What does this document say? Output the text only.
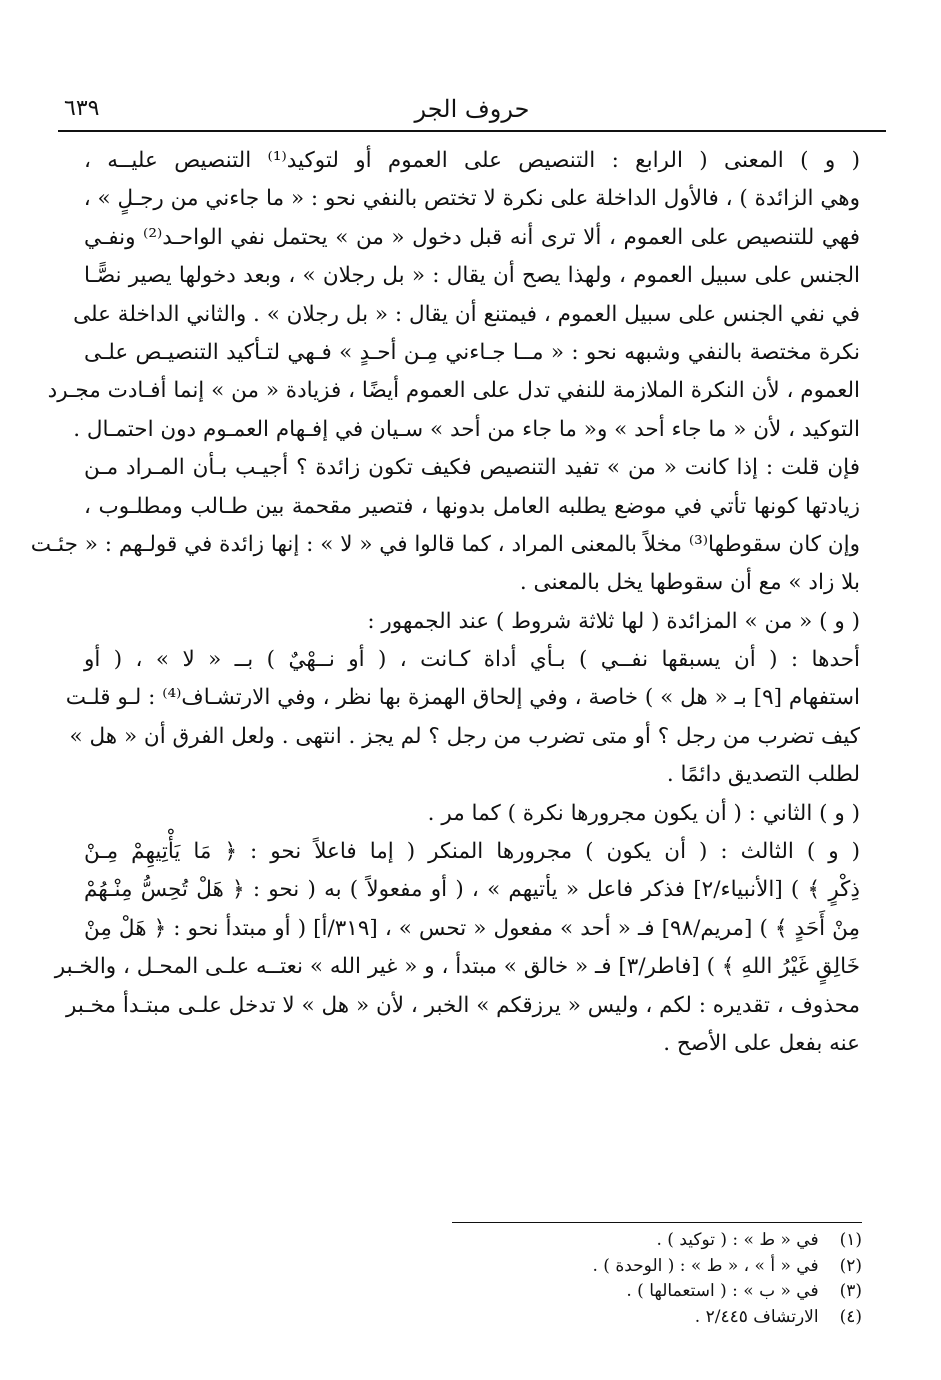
حروف الجر
٦٣٩
( و ) المعنى ( الرابع : التنصيص على العموم أو لتوكيد⁽¹⁾ التنصيص عليــه ،
وهي الزائدة ) ، فالأول الداخلة على نكرة لا تختص بالنفي نحو : « ما جاءني من رجـلٍ » ،
فهي للتنصيص على العموم ، ألا ترى أنه قبل دخول « من » يحتمل نفي الواحـد⁽²⁾ ونفـي
الجنس على سبيل العموم ، ولهذا يصح أن يقال : « بل رجلان » ، وبعد دخولها يصير نصًّـا
في نفي الجنس على سبيل العموم ، فيمتنع أن يقال : « بل رجلان » . والثاني الداخلة على
نكرة مختصة بالنفي وشبهه نحو : « مــا جـاءني مِـن أحـدٍ » فـهي لتـأكيد التنصيـص علـى
العموم ، لأن النكرة الملازمة للنفي تدل على العموم أيضًا ، فزيادة « من » إنما أفـادت مجـرد
التوكيد ، لأن « ما جاء أحد » و« ما جاء من أحد » سـيان في إفـهام العمـوم دون احتمـال .
فإن قلت : إذا كانت « من » تفيد التنصيص فكيف تكون زائدة ؟ أجيـب بـأن المـراد مـن
زيادتها كونها تأتي في موضع يطلبه العامل بدونها ، فتصير مقحمة بين طـالب ومطلـوب ،
وإن كان سقوطها⁽³⁾ مخلاً بالمعنى المراد ، كما قالوا في « لا » : إنها زائدة في قولـهم : « جئـت
بلا زاد » مع أن سقوطها يخل بالمعنى .
( و ) « من » المزائدة ( لها ثلاثة شروط ) عند الجمهور :
أحدها : ( أن يسبقها نفــي ) بـأي أداة كـانت ، ( أو نــهْيٌ ) بــ « لا » ، ( أو
استفهام [٩] بـ « هل » ) خاصة ، وفي إلحاق الهمزة بها نظر ، وفي الارتشـاف⁽⁴⁾ : لـو قلـت
كيف تضرب من رجل ؟ أو متى تضرب من رجل ؟ لم يجز . انتهى . ولعل الفرق أن « هل »
لطلب التصديق دائمًا .
( و ) الثاني : ( أن يكون مجرورها نكرة ) كما مر .
( و ) الثالث : ( أن يكون ) مجرورها المنكر ( إما فاعلاً نحو : ﴿ مَا يَأْتِيهِمْ مِـنْ
ذِكْرٍ ﴾ ) [الأنبياء/٢] فذكر فاعل « يأتيهم » ، ( أو مفعولاً ) به ( نحو : ﴿ هَلْ تُحِسُّ مِنْـهُمْ
مِنْ أَحَدٍ ﴾ ) [مريم/٩٨] فـ « أحد » مفعول « تحس » ، [٣١٩/أ] ( أو مبتدأ نحو : ﴿ هَلْ مِنْ
خَالِقٍ غَيْرُ اللهِ ﴾ ) [فاطر/٣] فـ « خالق » مبتدأ ، و « غير الله » نعتــه علـى المحـل ، والخـبر
محذوف ، تقديره : لكم ، وليس « يرزقكم » الخبر ، لأن « هل » لا تدخل علـى مبتـدأ مخـبر
عنه بفعل على الأصح .
(١) في « ط » : ( توكيد ) .
(٢) في « أ » ، « ط » : ( الوحدة ) .
(٣) في « ب » : ( استعمالها ) .
(٤) الارتشاف ٢/٤٤٥ .
